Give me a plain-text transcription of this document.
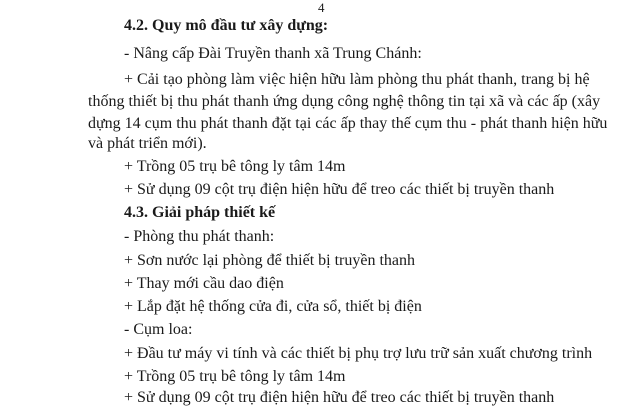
4
4.2. Quy mô đầu tư xây dựng:
- Nâng cấp Đài Truyền thanh xã Trung Chánh:
+ Cải tạo phòng làm việc hiện hữu làm phòng thu phát thanh, trang bị hệ
thống thiết bị thu phát thanh ứng dụng công nghệ thông tin tại xã và các ấp (xây
dựng 14 cụm thu phát thanh đặt tại các ấp thay thế cụm thu - phát thanh hiện hữu
và phát triển mới).
+ Trồng 05 trụ bê tông ly tâm 14m
+ Sử dụng 09 cột trụ điện hiện hữu để treo các thiết bị truyền thanh
4.3. Giải pháp thiết kế
- Phòng thu phát thanh:
+ Sơn nước lại phòng để thiết bị truyền thanh
+ Thay mới cầu dao điện
+ Lắp đặt hệ thống cửa đi, cửa sổ, thiết bị điện
- Cụm loa:
+ Đầu tư máy vi tính và các thiết bị phụ trợ lưu trữ sản xuất chương trình
+ Trồng 05 trụ bê tông ly tâm 14m
+ Sử dụng 09 cột trụ điện hiện hữu để treo các thiết bị truyền thanh
